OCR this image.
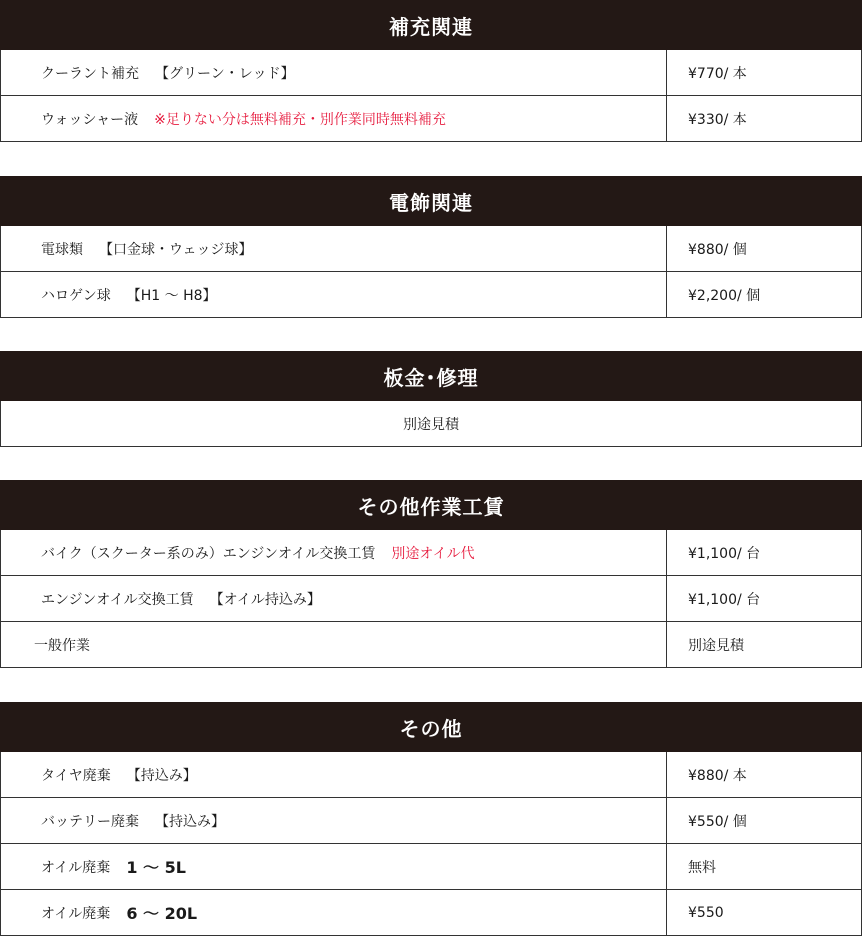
補充関連
クーラント補充 【グリーン・レッド】	¥770/ 本
ウォッシャー液 ※足りない分は無料補充・別作業同時無料補充	¥330/ 本
電飾関連
電球類 【口金球・ウェッジ球】	¥880/ 個
ハロゲン球 【H1 ～ H8】	¥2,200/ 個
板金･修理
別途見積
その他作業工賃
バイク（スクーター系のみ）エンジンオイル交換工賃 別途オイル代	¥1,100/ 台
エンジンオイル交換工賃 【オイル持込み】	¥1,100/ 台
一般作業	別途見積
その他
タイヤ廃棄 【持込み】	¥880/ 本
バッテリー廃棄 【持込み】	¥550/ 個
オイル廃棄 1 ～ 5L	無料
オイル廃棄 6 ～ 20L	¥550
